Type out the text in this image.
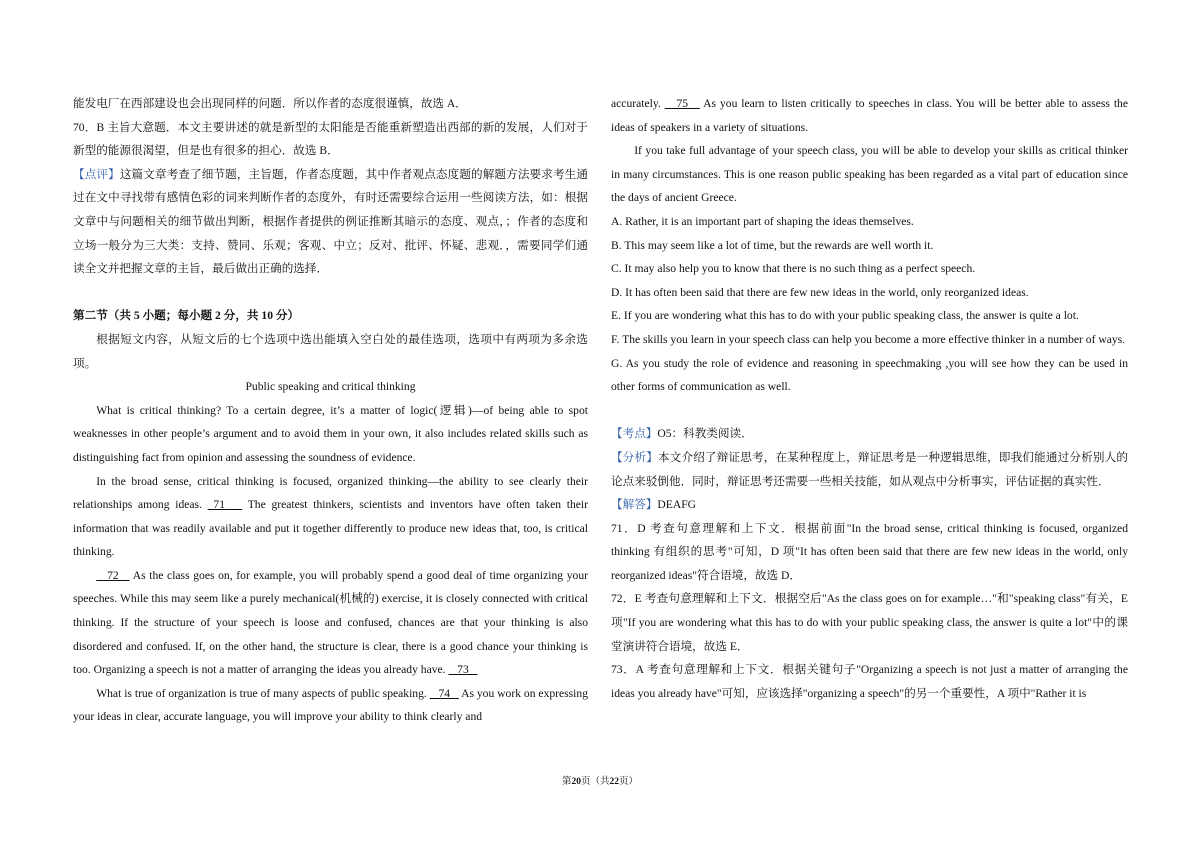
能发电厂在西部建设也会出现同样的问题．所以作者的态度很谨慎，故选 A．

70．B 主旨大意题．本文主要讲述的就是新型的太阳能是否能重新塑造出西部的新的发展，人们对于新型的能源很渴望，但是也有很多的担心．故选 B．

【点评】这篇文章考查了细节题，主旨题，作者态度题，其中作者观点态度题的解题方法要求考生通过在文中寻找带有感情色彩的词来判断作者的态度外，有时还需要综合运用一些阅读方法，如：根据文章中与问题相关的细节做出判断，根据作者提供的例证推断其暗示的态度、观点，；作者的态度和立场一般分为三大类：支持、赞同、乐观；客观、中立；反对、批评、怀疑、悲观．，需要同学们通读全文并把握文章的主旨，最后做出正确的选择．

第二节（共 5 小题；每小题 2 分，共 10 分）

根据短文内容，从短文后的七个选项中选出能填入空白处的最佳选项，选项中有两项为多余选项。

Public speaking and critical thinking

What is critical thinking? To a certain degree, it’s a matter of logic(逻辑)—of being able to spot weaknesses in other people’s argument and to avoid them in your own, it also includes related skills such as distinguishing fact from opinion and assessing the soundness of evidence.

In the broad sense, critical thinking is focused, organized thinking—the ability to see clearly their relationships among ideas.  71    The greatest thinkers, scientists and inventors have often taken their information that was readily available and put it together differently to produce new ideas that, too, is critical thinking.

72    As the class goes on, for example, you will probably spend a good deal of time organizing your speeches. While this may seem like a purely mechanical(机械的) exercise, it is closely connected with critical thinking. If the structure of your speech is loose and confused, chances are that your thinking is also disordered and confused. If, on the other hand, the structure is clear, there is a good chance your thinking is too. Organizing a speech is not a matter of arranging the ideas you already have.    73

What is true of organization is true of many aspects of public speaking.    74    As you work on expressing your ideas in clear, accurate language, you will improve your ability to think clearly and

accurately.    75    As you learn to listen critically to speeches in class. You will be better able to assess the ideas of speakers in a variety of situations.

If you take full advantage of your speech class, you will be able to develop your skills as critical thinker in many circumstances. This is one reason public speaking has been regarded as a vital part of education since the days of ancient Greece.

A. Rather, it is an important part of shaping the ideas themselves.

B. This may seem like a lot of time, but the rewards are well worth it.

C. It may also help you to know that there is no such thing as a perfect speech.

D. It has often been said that there are few new ideas in the world, only reorganized ideas.

E. If you are wondering what this has to do with your public speaking class, the answer is quite a lot.

F. The skills you learn in your speech class can help you become a more effective thinker in a number of ways.

G. As you study the role of evidence and reasoning in speechmaking ,you will see how they can be used in other forms of communication as well.

【考点】O5：科教类阅读．

【分析】本文介绍了辩证思考，在某种程度上，辩证思考是一种逻辑思维，即我们能通过分析别人的论点来驳倒他．同时，辩证思考还需要一些相关技能，如从观点中分析事实，评估证据的真实性．

【解答】DEAFG

71．D 考查句意理解和上下文．根据前面"In the broad sense, critical thinking is focused, organized thinking 有组织的思考"可知，D 项"It has often been said that there are few new ideas in the world, only reorganized ideas"符合语境，故选 D．

72．E 考查句意理解和上下文．根据空后"As the class goes on for example…"和"speaking class"有关，E 项"If you are wondering what this has to do with your public speaking class, the answer is quite a lot"中的课堂演讲符合语境，故选 E．

73．A 考查句意理解和上下文．根据关键句子"Organizing a speech is not just a matter of arranging the ideas you already have"可知，应该选择"organizing a speech"的另一个重要性，A 项中"Rather it is

第20页（共22页）
